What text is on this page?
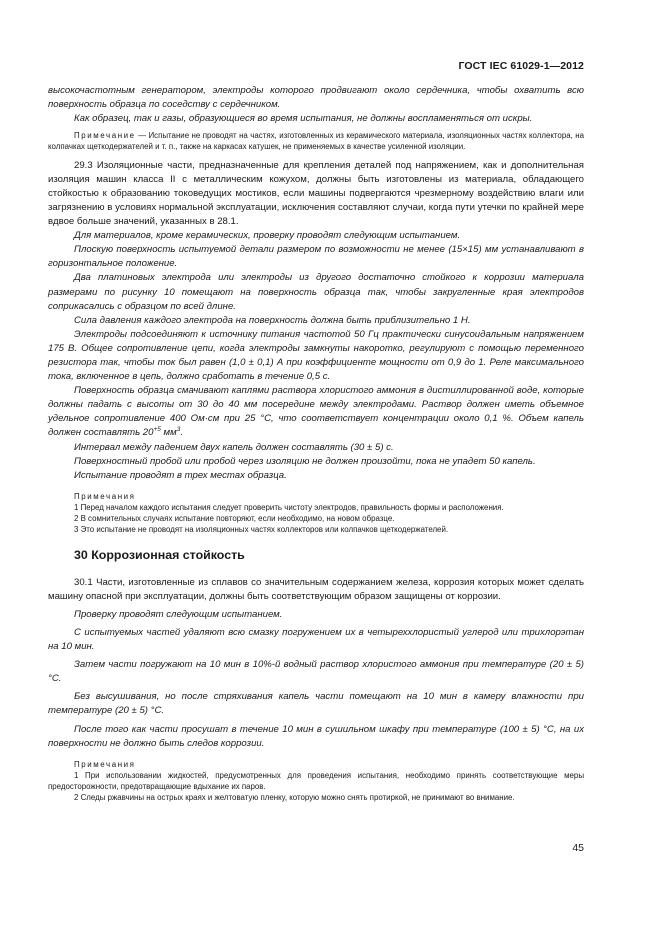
ГОСТ IEC 61029-1—2012

высокочастотным генератором, электроды которого продвигают около сердечника, чтобы охватить всю поверхность образца по соседству с сердечником.

Как образец, так и газы, образующиеся во время испытания, не должны воспламеняться от искры.

Примечание — Испытание не проводят на частях, изготовленных из керамического материала, изоляционных частях коллектора, на колпачках щеткодержателей и т. п., также на каркасах катушек, не применяемых в качестве усиленной изоляции.

29.3 Изоляционные части, предназначенные для крепления деталей под напряжением, как и дополнительная изоляция машин класса II с металлическим кожухом, должны быть изготовлены из материала, обладающего стойкостью к образованию токоведущих мостиков, если машины подвергаются чрезмерному воздействию влаги или загрязнению в условиях нормальной эксплуатации, исключения составляют случаи, когда пути утечки по крайней мере вдвое больше значений, указанных в 28.1.

Для материалов, кроме керамических, проверку проводят следующим испытанием.

Плоскую поверхность испытуемой детали размером по возможности не менее (15×15) мм устанавливают в горизонтальное положение.

Два платиновых электрода или электроды из другого достаточно стойкого к коррозии материала размерами по рисунку 10 помещают на поверхность образца так, чтобы закругленные края электродов соприкасались с образцом по всей длине.

Сила давления каждого электрода на поверхность должна быть приблизительно 1 Н.

Электроды подсоединяют к источнику питания частотой 50 Гц практически синусоидальным напряжением 175 В. Общее сопротивление цепи, когда электроды замкнуты накоротко, регулируют с помощью переменного резистора так, чтобы ток был равен (1,0 ± 0,1) А при коэффициенте мощности от 0,9 до 1. Реле максимального тока, включенное в цепь, должно сработать в течение 0,5 с.

Поверхность образца смачивают каплями раствора хлористого аммония в дистиллированной воде, которые должны падать с высоты от 30 до 40 мм посередине между электродами. Раствор должен иметь объемное удельное сопротивление 400 Ом·см при 25 °С, что соответствует концентрации около 0,1 %. Объем капель должен составлять $20^{+5}$ $мм^3$.

Интервал между падением двух капель должен составлять (30 ± 5) с.

Поверхностный пробой или пробой через изоляцию не должен произойти, пока не упадет 50 капель.

Испытание проводят в трех местах образца.

Примечания

1 Перед началом каждого испытания следует проверить чистоту электродов, правильность формы и расположения.

2 В сомнительных случаях испытание повторяют, если необходимо, на новом образце.

3 Это испытание не проводят на изоляционных частях коллекторов или колпачков щеткодержателей.

30 Коррозионная стойкость

30.1 Части, изготовленные из сплавов со значительным содержанием железа, коррозия которых может сделать машину опасной при эксплуатации, должны быть соответствующим образом защищены от коррозии.

Проверку проводят следующим испытанием.

С испытуемых частей удаляют всю смазку погружением их в четыреххлористый углерод или трихлорэтан на 10 мин.

Затем части погружают на 10 мин в 10%-й водный раствор хлористого аммония при температуре (20 ± 5) °С.

Без высушивания, но после стряхивания капель части помещают на 10 мин в камеру влажности при температуре (20 ± 5) °С.

После того как части просушат в течение 10 мин в сушильном шкафу при температуре (100 ± 5) °С, на их поверхности не должно быть следов коррозии.

Примечания

1 При использовании жидкостей, предусмотренных для проведения испытания, необходимо принять соответствующие меры предосторожности, предотвращающие вдыхание их паров.

2 Следы ржавчины на острых краях и желтоватую пленку, которую можно снять протиркой, не принимают во внимание.

45
